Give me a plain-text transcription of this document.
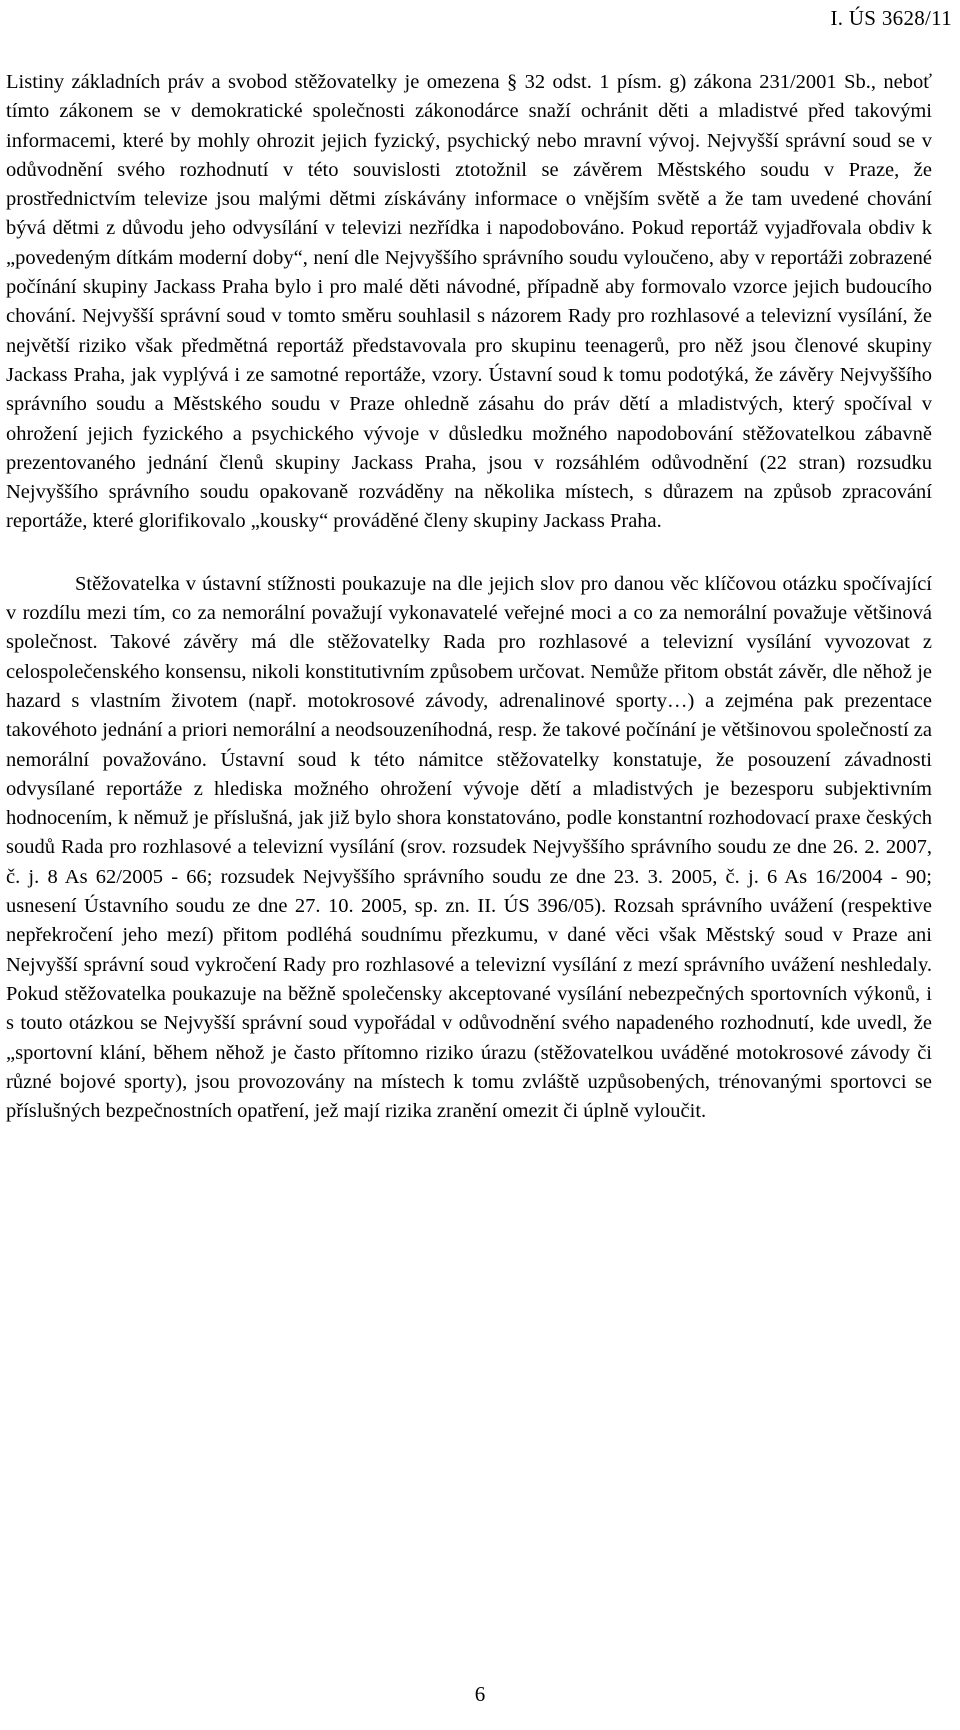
I. ÚS 3628/11

Listiny základních práv a svobod stěžovatelky je omezena § 32 odst. 1 písm. g) zákona 231/2001 Sb., neboť tímto zákonem se v demokratické společnosti zákonodárce snaží ochránit děti a mladistvé před takovými informacemi, které by mohly ohrozit jejich fyzický, psychický nebo mravní vývoj. Nejvyšší správní soud se v odůvodnění svého rozhodnutí v této souvislosti ztotožnil se závěrem Městského soudu v Praze, že prostřednictvím televize jsou malými dětmi získávány informace o vnějším světě a že tam uvedené chování bývá dětmi z důvodu jeho odvysílání v televizi nezřídka i napodobováno. Pokud reportáž vyjadřovala obdiv k „povedeným dítkám moderní doby“, není dle Nejvyššího správního soudu vyloučeno, aby v reportáži zobrazené počínání skupiny Jackass Praha bylo i pro malé děti návodné, případně aby formovalo vzorce jejich budoucího chování. Nejvyšší správní soud v tomto směru souhlasil s názorem Rady pro rozhlasové a televizní vysílání, že největší riziko však předmětná reportáž představovala pro skupinu teenagerů, pro něž jsou členové skupiny Jackass Praha, jak vyplývá i ze samotné reportáže, vzory. Ústavní soud k tomu podotýká, že závěry Nejvyššího správního soudu a Městského soudu v Praze ohledně zásahu do práv dětí a mladistvých, který spočíval v ohrožení jejich fyzického a psychického vývoje v důsledku možného napodobování stěžovatelkou zábavně prezentovaného jednání členů skupiny Jackass Praha, jsou v rozsáhlém odůvodnění (22 stran) rozsudku Nejvyššího správního soudu opakovaně rozváděny na několika místech, s důrazem na způsob zpracování reportáže, které glorifikovalo „kousky“ prováděné členy skupiny Jackass Praha.

Stěžovatelka v ústavní stížnosti poukazuje na dle jejich slov pro danou věc klíčovou otázku spočívající v rozdílu mezi tím, co za nemorální považují vykonavatelé veřejné moci a co za nemorální považuje většinová společnost. Takové závěry má dle stěžovatelky Rada pro rozhlasové a televizní vysílání vyvozovat z celospolečenského konsensu, nikoli konstitutivním způsobem určovat. Nemůže přitom obstát závěr, dle něhož je hazard s vlastním životem (např. motokrosové závody, adrenalinové sporty…) a zejména pak prezentace takovéhoto jednání a priori nemorální a neodsouzeníhodná, resp. že takové počínání je většinovou společností za nemorální považováno. Ústavní soud k této námitce stěžovatelky konstatuje, že posouzení závadnosti odvysílané reportáže z hlediska možného ohrožení vývoje dětí a mladistvých je bezesporu subjektivním hodnocením, k němuž je příslušná, jak již bylo shora konstatováno, podle konstantní rozhodovací praxe českých soudů Rada pro rozhlasové a televizní vysílání (srov. rozsudek Nejvyššího správního soudu ze dne 26. 2. 2007, č. j. 8 As 62/2005 - 66; rozsudek Nejvyššího správního soudu ze dne 23. 3. 2005, č. j. 6 As 16/2004 - 90; usnesení Ústavního soudu ze dne 27. 10. 2005, sp. zn. II. ÚS 396/05). Rozsah správního uvážení (respektive nepřekročení jeho mezí) přitom podléhá soudnímu přezkumu, v dané věci však Městský soud v Praze ani Nejvyšší správní soud vykročení Rady pro rozhlasové a televizní vysílání z mezí správního uvážení neshledaly. Pokud stěžovatelka poukazuje na běžně společensky akceptované vysílání nebezpečných sportovních výkonů, i s touto otázkou se Nejvyšší správní soud vypořádal v odůvodnění svého napadeného rozhodnutí, kde uvedl, že „sportovní klání, během něhož je často přítomno riziko úrazu (stěžovatelkou uváděné motokrosové závody či různé bojové sporty), jsou provozovány na místech k tomu zvláště uzpůsobených, trénovanými sportovci se příslušných bezpečnostních opatření, jež mají rizika zranění omezit či úplně vyloučit.

6
